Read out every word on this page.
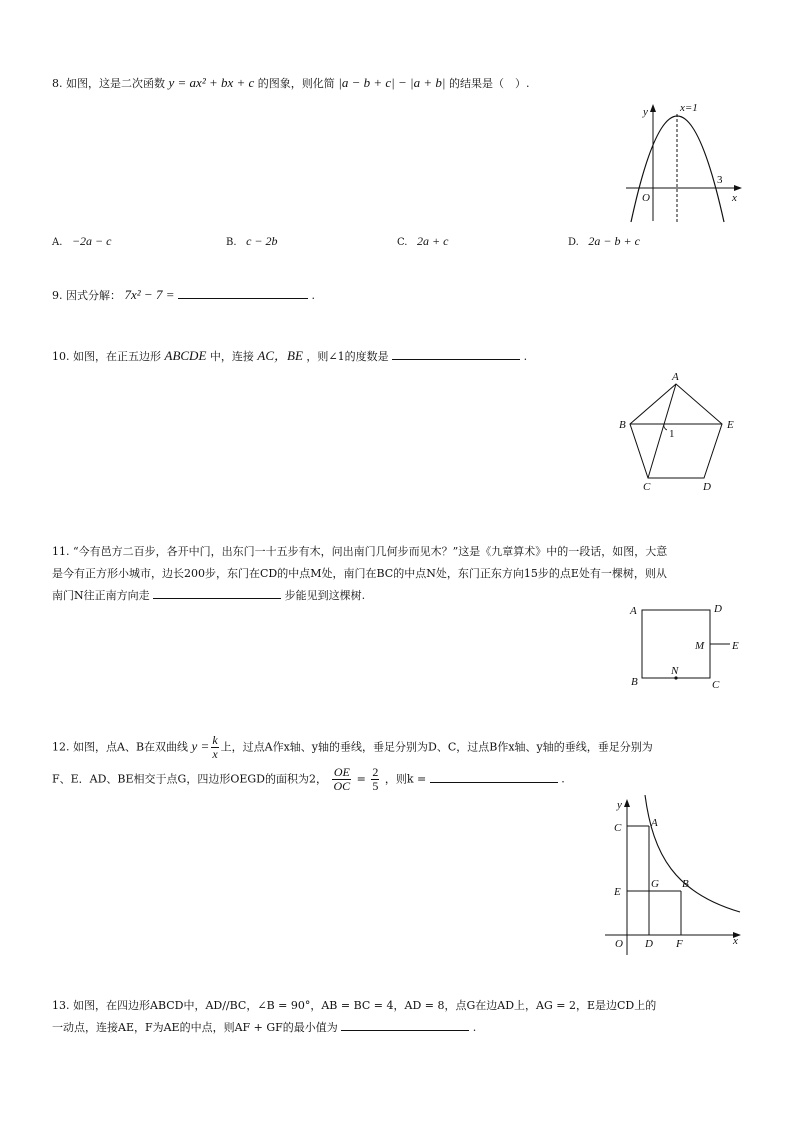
8. 如图，这是二次函数 y = ax² + bx + c 的图象，则化简 |a − b + c| − |a + b| 的结果是（　）.
y
x
O
x=1
3
A. −2a − c	B. c − 2b	C. 2a + c	D. 2a − b + c
9. 因式分解： 7x² − 7 =	.
10. 如图，在正五边形 ABCDE 中，连接 AC，BE ，则∠1的度数是	.
A
B
C	D
E
1
11. “今有邑方二百步，各开中门，出东门一十五步有木，问出南门几何步而见木？”这是《九章算术》中的一段话，如图，大意
是今有正方形小城市，边长200步，东门在CD的中点M处，南门在BC的中点N处，东门正东方向15步的点E处有一棵树，则从
南门N往正南方向走	步能见到这棵树.
A	D
B	C
M
N
E
12. 如图，点A、B在双曲线 $y = \frac{k}{x}$ 上，过点A作x轴、y轴的垂线，垂足分别为D、C，过点B作x轴、y轴的垂线，垂足分别为
F、E．AD、BE相交于点G，四边形OEGD的面积为2， $\frac{OE}{OC} = \frac{2}{5}$ ，则k =	.
y
x
O
C	A
E
G B
D F
13. 如图，在四边形ABCD中，AD//BC，∠B = 90°，AB = BC = 4，AD = 8，点G在边AD上，AG = 2，E是边CD上的
一动点，连接AE，F为AE的中点，则AF + GF的最小值为	.
